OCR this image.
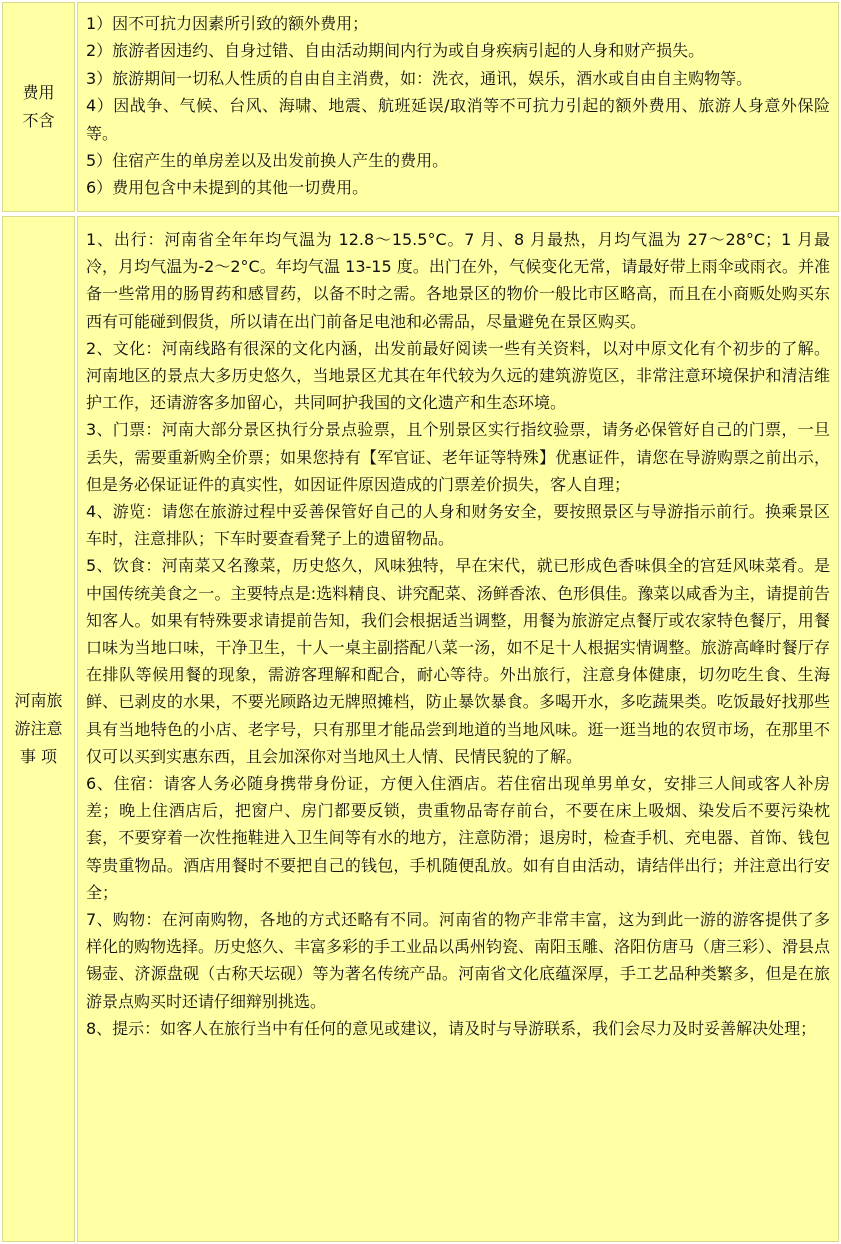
费用
不含

1）因不可抗力因素所引致的额外费用；

2）旅游者因违约、自身过错、自由活动期间内行为或自身疾病引起的人身和财产损失。

3）旅游期间一切私人性质的自由自主消费，如：洗衣，通讯，娱乐，酒水或自由自主购物等。

4）因战争、气候、台风、海啸、地震、航班延误/取消等不可抗力引起的额外费用、旅游人身意外保险等。

5）住宿产生的单房差以及出发前换人产生的费用。

6）费用包含中未提到的其他一切费用。

河南旅
游注意
事 项

1、出行：河南省全年年均气温为 12.8～15.5°C。7 月、8 月最热，月均气温为 27～28°C；1 月最冷，月均气温为-2～2°C。年均气温 13-15 度。出门在外，气候变化无常，请最好带上雨伞或雨衣。并准备一些常用的肠胃药和感冒药，以备不时之需。各地景区的物价一般比市区略高，而且在小商贩处购买东西有可能碰到假货，所以请在出门前备足电池和必需品，尽量避免在景区购买。

2、文化：河南线路有很深的文化内涵，出发前最好阅读一些有关资料，以对中原文化有个初步的了解。河南地区的景点大多历史悠久，当地景区尤其在年代较为久远的建筑游览区，非常注意环境保护和清洁维护工作，还请游客多加留心，共同呵护我国的文化遗产和生态环境。

3、门票：河南大部分景区执行分景点验票，且个别景区实行指纹验票，请务必保管好自己的门票，一旦丢失，需要重新购全价票；如果您持有【军官证、老年证等特殊】优惠证件，请您在导游购票之前出示，但是务必保证证件的真实性，如因证件原因造成的门票差价损失，客人自理；

4、游览：请您在旅游过程中妥善保管好自己的人身和财务安全，要按照景区与导游指示前行。换乘景区车时，注意排队；下车时要查看凳子上的遗留物品。

5、饮食：河南菜又名豫菜，历史悠久，风味独特，早在宋代，就已形成色香味俱全的宫廷风味菜肴。是中国传统美食之一。主要特点是:选料精良、讲究配菜、汤鲜香浓、色形俱佳。豫菜以咸香为主，请提前告知客人。如果有特殊要求请提前告知，我们会根据适当调整，用餐为旅游定点餐厅或农家特色餐厅，用餐口味为当地口味，干净卫生，十人一桌主副搭配八菜一汤，如不足十人根据实情调整。旅游高峰时餐厅存在排队等候用餐的现象，需游客理解和配合，耐心等待。外出旅行，注意身体健康，切勿吃生食、生海鲜、已剥皮的水果，不要光顾路边无牌照摊档，防止暴饮暴食。多喝开水，多吃蔬果类。吃饭最好找那些具有当地特色的小店、老字号，只有那里才能品尝到地道的当地风味。逛一逛当地的农贸市场，在那里不仅可以买到实惠东西，且会加深你对当地风土人情、民情民貌的了解。

6、住宿：请客人务必随身携带身份证，方便入住酒店。若住宿出现单男单女，安排三人间或客人补房差；晚上住酒店后，把窗户、房门都要反锁，贵重物品寄存前台，不要在床上吸烟、染发后不要污染枕套，不要穿着一次性拖鞋进入卫生间等有水的地方，注意防滑；退房时，检查手机、充电器、首饰、钱包等贵重物品。酒店用餐时不要把自己的钱包，手机随便乱放。如有自由活动，请结伴出行；并注意出行安全；

7、购物：在河南购物，各地的方式还略有不同。河南省的物产非常丰富，这为到此一游的游客提供了多样化的购物选择。历史悠久、丰富多彩的手工业品以禹州钧瓷、南阳玉雕、洛阳仿唐马（唐三彩）、滑县点锡壶、济源盘砚（古称天坛砚）等为著名传统产品。河南省文化底蕴深厚，手工艺品种类繁多，但是在旅游景点购买时还请仔细辩别挑选。

8、提示：如客人在旅行当中有任何的意见或建议，请及时与导游联系，我们会尽力及时妥善解决处理；
